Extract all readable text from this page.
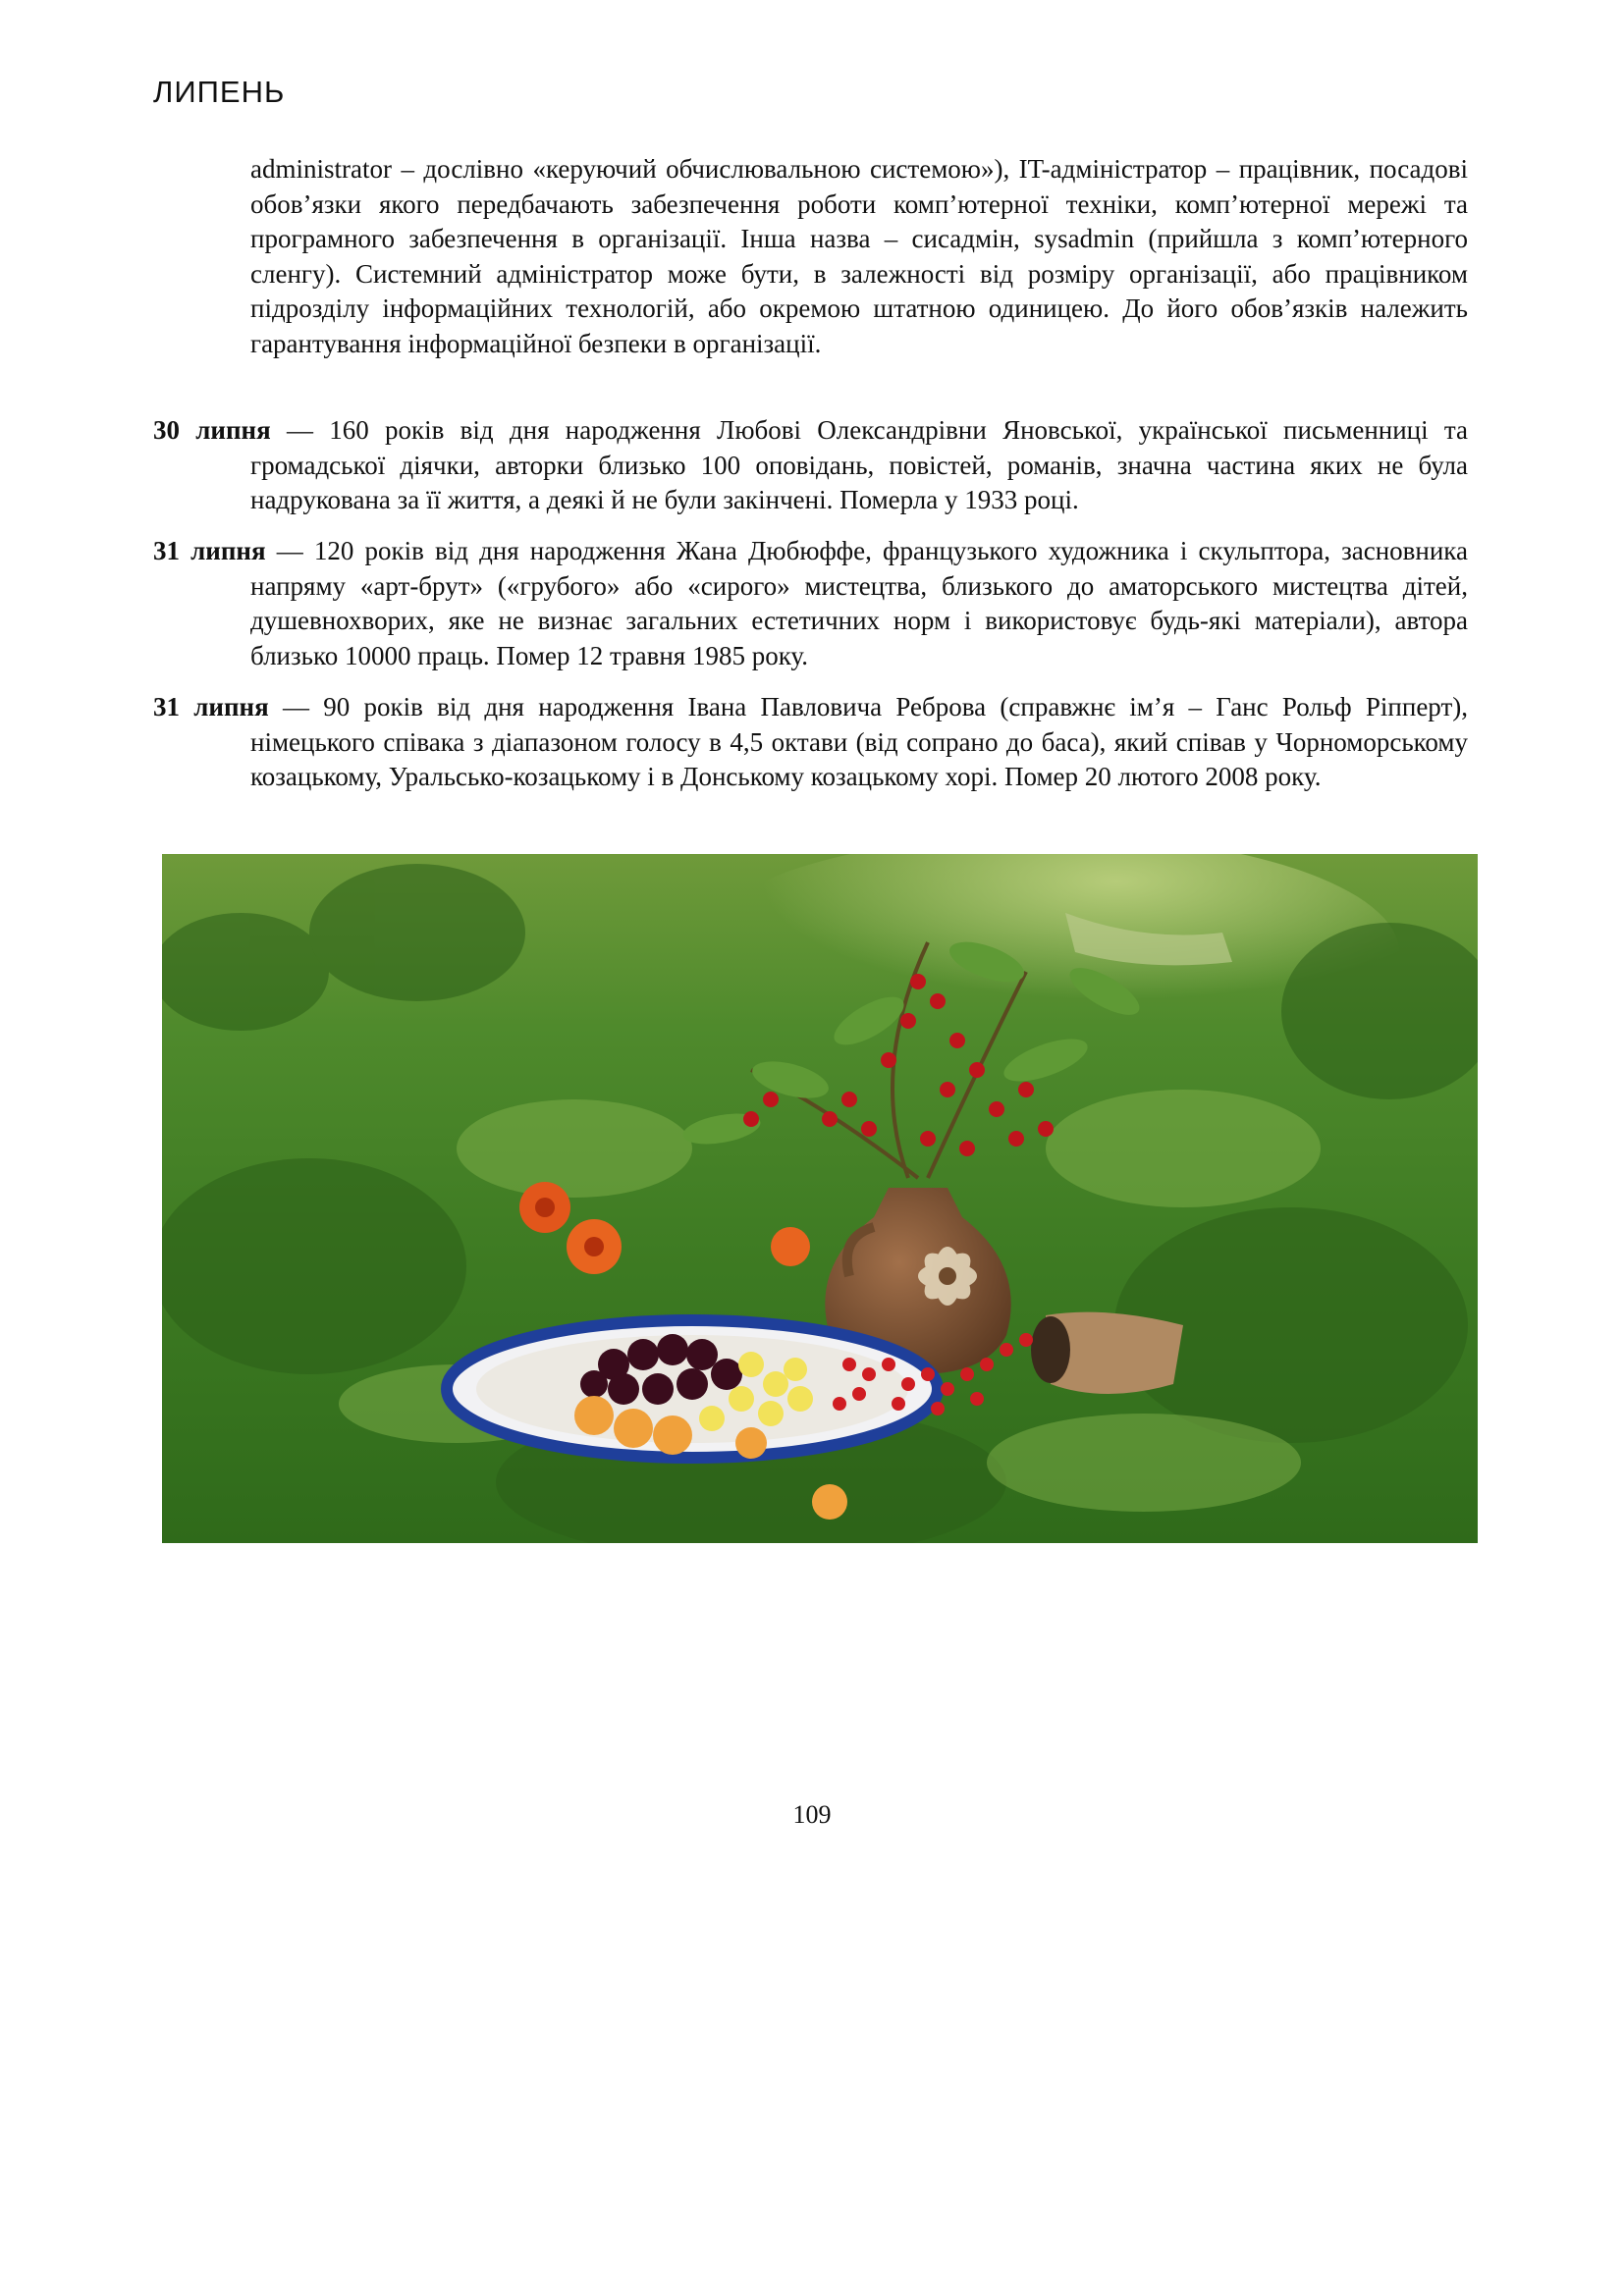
ЛИПЕНЬ

administrator – дослівно «керуючий обчислювальною системою»), IT-адміністратор – працівник, посадові обов’язки якого передбачають забезпечення роботи комп’ютерної техніки, комп’ютерної мережі та програмного забезпечення в організації. Інша назва – сисадмін, sysadmin (прийшла з комп’ютерного сленгу). Системний адміністратор може бути, в залежності від розміру організації, або працівником підрозділу інформаційних технологій, або окремою штатною одиницею. До його обов’язків належить гарантування інформаційної безпеки в організації.

30 липня — 160 років від дня народження Любові Олександрівни Яновської, української письменниці та громадської діячки, авторки близько 100 оповідань, повістей, романів, значна частина яких не була надрукована за її життя, а деякі й не були закінчені. Померла у 1933 році.

31 липня — 120 років від дня народження Жана Дюбюффе, французького художника і скульптора, засновника напряму «арт-брут» («грубого» або «сирого» мистецтва, близького до аматорського мистецтва дітей, душевнохворих, яке не визнає загальних естетичних норм і використовує будь-які матеріали), автора близько 10000 праць. Помер 12 травня 1985 року.

31 липня — 90 років від дня народження Івана Павловича Реброва (справжнє ім’я – Ганс Рольф Ріпперт), німецького співака з діапазоном голосу в 4,5 октави (від сопрано до баса), який співав у Чорноморському козацькому, Уральсько-козацькому і в Донському козацькому хорі. Помер 20 лютого 2008 року.

109
